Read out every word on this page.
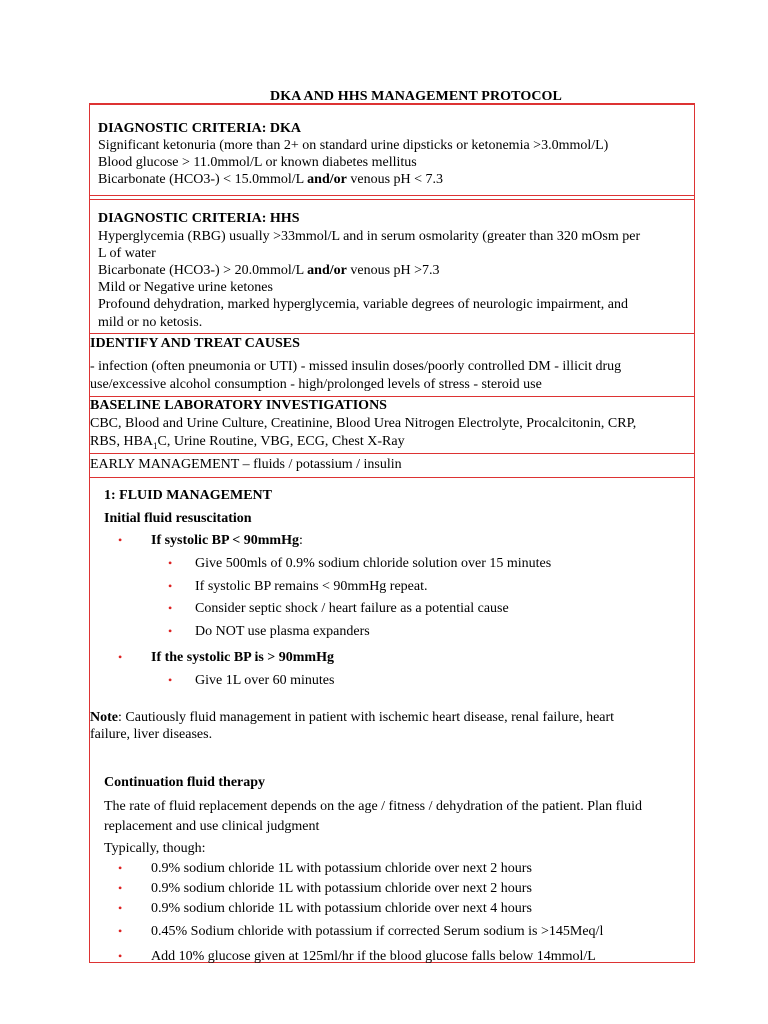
DKA AND HHS MANAGEMENT PROTOCOL
DIAGNOSTIC CRITERIA: DKA
Significant ketonuria (more than 2+ on standard urine dipsticks or ketonemia >3.0mmol/L)
Blood glucose > 11.0mmol/L or known diabetes mellitus
Bicarbonate (HCO3-) < 15.0mmol/L and/or venous pH < 7.3
DIAGNOSTIC CRITERIA: HHS
Hyperglycemia (RBG) usually >33mmol/L and in serum osmolarity (greater than 320 mOsm per
L of water
Bicarbonate (HCO3-) > 20.0mmol/L and/or venous pH >7.3
Mild or Negative urine ketones
Profound dehydration, marked hyperglycemia, variable degrees of neurologic impairment, and
mild or no ketosis.
IDENTIFY AND TREAT CAUSES
- infection (often pneumonia or UTI) - missed insulin doses/poorly controlled DM - illicit drug
use/excessive alcohol consumption - high/prolonged levels of stress - steroid use
BASELINE LABORATORY INVESTIGATIONS
CBC, Blood and Urine Culture, Creatinine, Blood Urea Nitrogen Electrolyte, Procalcitonin, CRP,
RBS, $HBA_1C$, Urine Routine, VBG, ECG, Chest X-Ray
EARLY MANAGEMENT – fluids / potassium / insulin
1: FLUID MANAGEMENT
Initial fluid resuscitation
• If systolic BP < 90mmHg:
• Give 500mls of 0.9% sodium chloride solution over 15 minutes
• If systolic BP remains < 90mmHg repeat.
• Consider septic shock / heart failure as a potential cause
• Do NOT use plasma expanders
• If the systolic BP is > 90mmHg
• Give 1L over 60 minutes
Note: Cautiously fluid management in patient with ischemic heart disease, renal failure, heart
failure, liver diseases.
Continuation fluid therapy
The rate of fluid replacement depends on the age / fitness / dehydration of the patient. Plan fluid
replacement and use clinical judgment
Typically, though:
• 0.9% sodium chloride 1L with potassium chloride over next 2 hours
• 0.9% sodium chloride 1L with potassium chloride over next 2 hours
• 0.9% sodium chloride 1L with potassium chloride over next 4 hours
• 0.45% Sodium chloride with potassium if corrected Serum sodium is >145Meq/l
• Add 10% glucose given at 125ml/hr if the blood glucose falls below 14mmol/L
